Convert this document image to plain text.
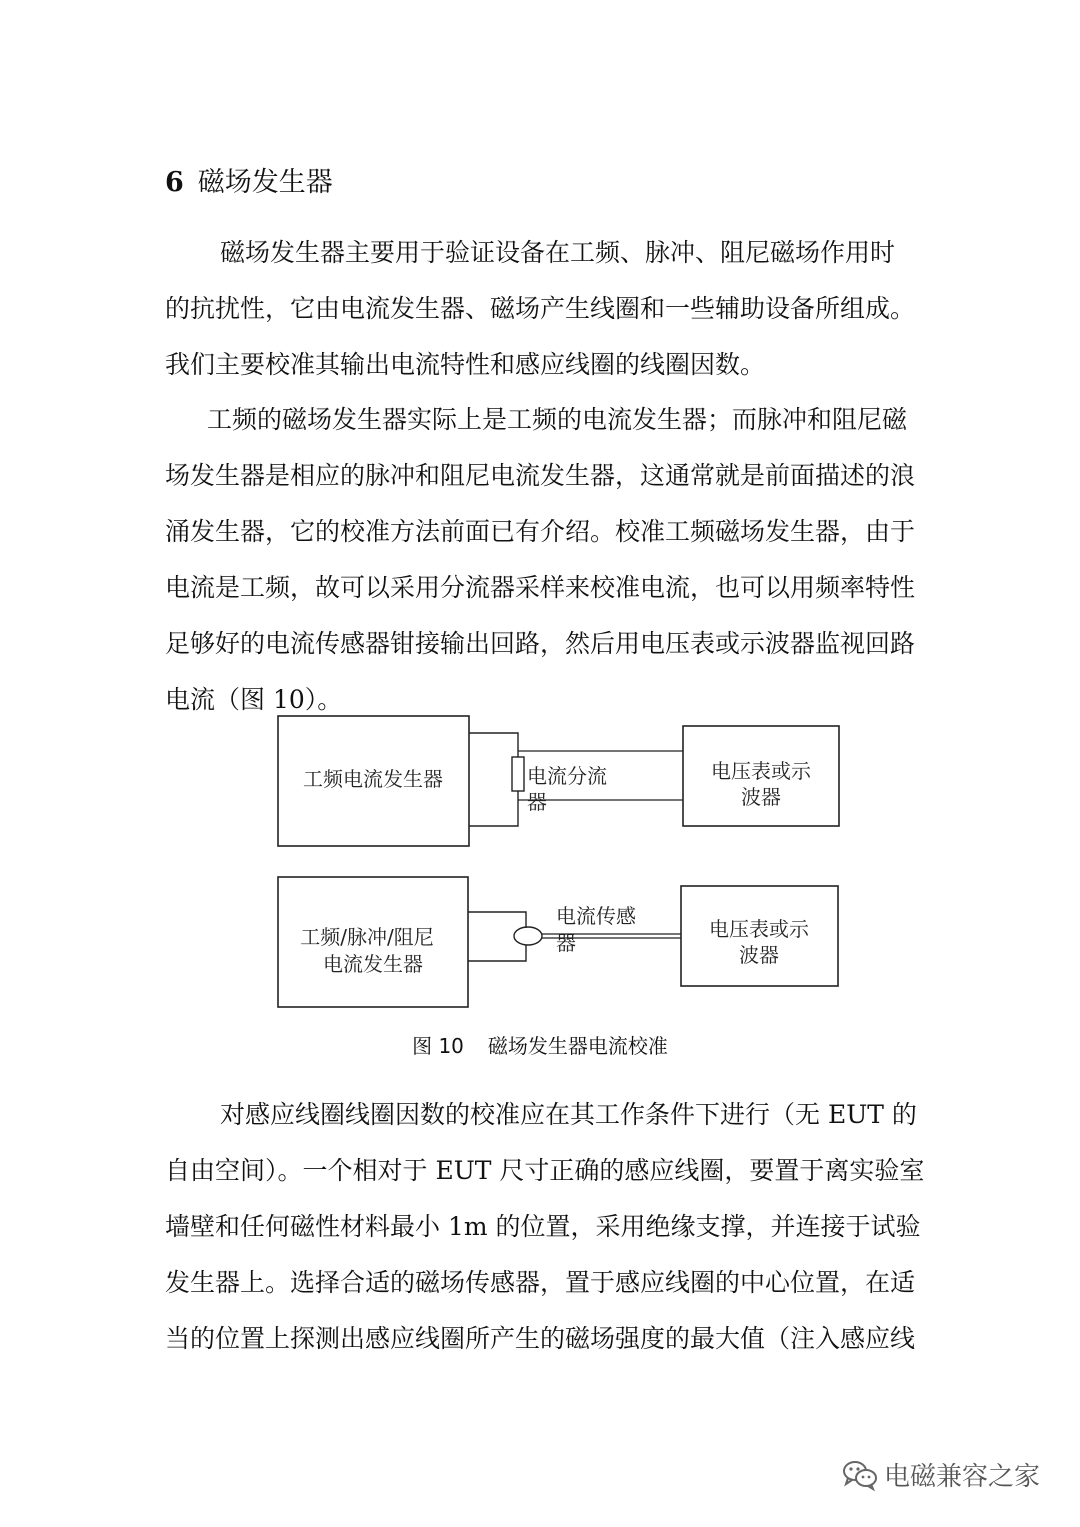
6 磁场发生器
磁场发生器主要用于验证设备在工频、脉冲、阻尼磁场作用时
的抗扰性，它由电流发生器、磁场产生线圈和一些辅助设备所组成。
我们主要校准其输出电流特性和感应线圈的线圈因数。
工频的磁场发生器实际上是工频的电流发生器；而脉冲和阻尼磁
场发生器是相应的脉冲和阻尼电流发生器，这通常就是前面描述的浪
涌发生器，它的校准方法前面已有介绍。校准工频磁场发生器，由于
电流是工频，故可以采用分流器采样来校准电流，也可以用频率特性
足够好的电流传感器钳接输出回路，然后用电压表或示波器监视回路
电流（图 10）。
工频电流发生器	电流分流
器
电压表或示
波器
工频/脉冲/阻尼
电流发生器
电流传感
器
电压表或示
波器
图 10 磁场发生器电流校准
对感应线圈线圈因数的校准应在其工作条件下进行（无 EUT 的
自由空间）。一个相对于 EUT 尺寸正确的感应线圈，要置于离实验室
墙壁和任何磁性材料最小 1m 的位置，采用绝缘支撑，并连接于试验
发生器上。选择合适的磁场传感器，置于感应线圈的中心位置，在适
当的位置上探测出感应线圈所产生的磁场强度的最大值（注入感应线
电磁兼容之家
